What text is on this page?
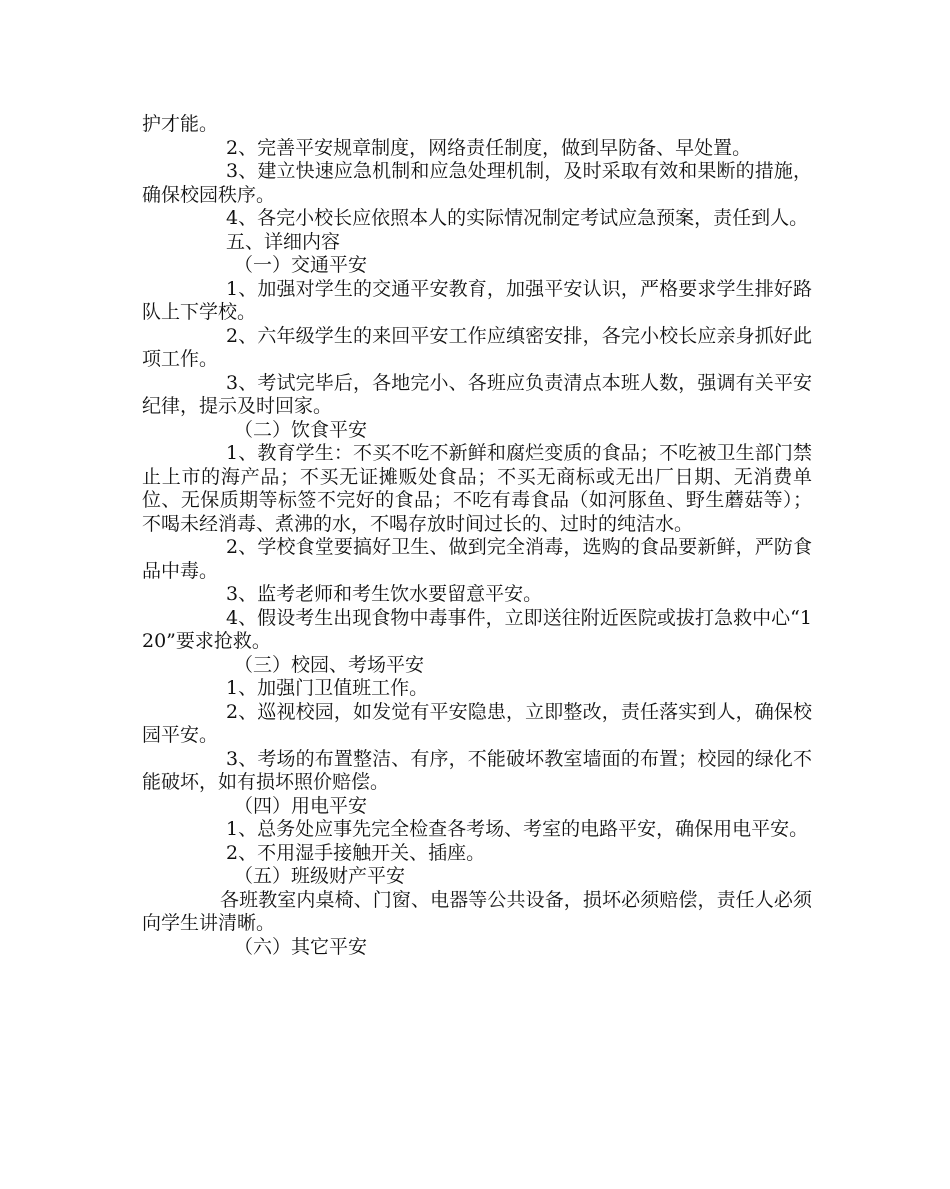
护才能。

2、完善平安规章制度，网络责任制度，做到早防备、早处置。

3、建立快速应急机制和应急处理机制，及时采取有效和果断的措施，确保校园秩序。

4、各完小校长应依照本人的实际情况制定考试应急预案，责任到人。

五、详细内容

（一）交通平安

1、加强对学生的交通平安教育，加强平安认识，严格要求学生排好路队上下学校。

2、六年级学生的来回平安工作应缜密安排，各完小校长应亲身抓好此项工作。

3、考试完毕后，各地完小、各班应负责清点本班人数，强调有关平安纪律，提示及时回家。

（二）饮食平安

1、教育学生：不买不吃不新鲜和腐烂变质的食品；不吃被卫生部门禁止上市的海产品；不买无证摊贩处食品；不买无商标或无出厂日期、无消费单位、无保质期等标签不完好的食品；不吃有毒食品（如河豚鱼、野生蘑菇等）；不喝未经消毒、煮沸的水，不喝存放时间过长的、过时的纯洁水。

2、学校食堂要搞好卫生、做到完全消毒，选购的食品要新鲜，严防食品中毒。

3、监考老师和考生饮水要留意平安。

4、假设考生出现食物中毒事件，立即送往附近医院或拔打急救中心“120”要求抢救。

（三）校园、考场平安

1、加强门卫值班工作。

2、巡视校园，如发觉有平安隐患，立即整改，责任落实到人，确保校园平安。

3、考场的布置整洁、有序，不能破坏教室墙面的布置；校园的绿化不能破坏，如有损坏照价赔偿。

（四）用电平安

1、总务处应事先完全检查各考场、考室的电路平安，确保用电平安。

2、不用湿手接触开关、插座。

（五）班级财产平安

各班教室内桌椅、门窗、电器等公共设备，损坏必须赔偿，责任人必须向学生讲清晰。

（六）其它平安
